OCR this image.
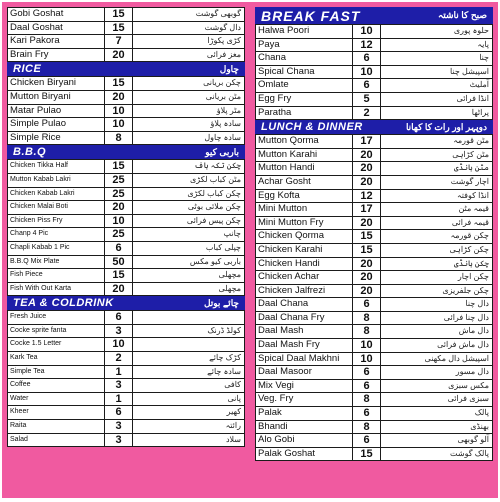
Gobi Goshat	15	گوبھی گوشت
Daal Goshat	15	دال گوشت
Kari Pakora	7	کڑی پکوڑا
Brain Fry	20	مغز فرائی
RICE	چاول
Chicken Biryani	15	چکن بریانی
Mutton Biryani	20	مٹن بریانی
Matar Pulao	10	مٹر پلاؤ
Simple Pulao	10	سادہ پلاؤ
Simple Rice	8	سادہ چاول
B.B.Q	باربی کیو
Chicken Tikka Half	15	چکن تکہ ہاف
Mutton Kabab Lakri	25	مٹن کباب لکڑی
Chicken Kabab Lakri	25	چکن کباب لکڑی
Chicken Malai Boti	20	چکن ملائی بوٹی
Chicken Piss Fry	10	چکن پیس فرائی
Chanp 4 Pic	25	چانپ
Chapli Kabab 1 Pic	6	چپلی کباب
B.B.Q Mix Plate	50	باربی کیو مکس
Fish Piece	15	مچھلی
Fish With Out Karta	20	مچھلی
TEA & COLDRINK	چائے بوتل
Fresh Juice	6
Cocke sprite fanta	3	کولڈ ڈرنک
Cocke 1.5 Letter	10
Kark Tea	2	کڑک چائے
Simple Tea	1	سادہ چائے
Coffee	3	کافی
Water	1	پانی
Kheer	6	کھیر
Raita	3	رائتہ
Salad	3	سلاد
BREAK FAST	صبح کا ناشتہ
Halwa Poori	10	حلوہ پوری
Paya	12	پایہ
Chana	6	چنا
Spical Chana	10	اسپیشل چنا
Omlate	6	آملیٹ
Egg Fry	5	انڈا فرائی
Paratha	2	پراٹھا
LUNCH & DINNER	دوپہر اور رات کا کھانا
Mutton Qorma	17	مٹن قورمہ
Mutton Karahi	20	مٹن کڑاہی
Mutton Handi	20	مٹن ہانڈی
Achar Gosht	20	اچار گوشت
Egg Kofta	12	انڈا کوفتہ
Mini Mutton	17	قیمہ مٹن
Mini Mutton Fry	20	قیمہ فرائی
Chicken Qorma	15	چکن قورمہ
Chicken Karahi	15	چکن کڑاہی
Chicken Handi	20	چکن ہانڈی
Chicken Achar	20	چکن اچار
Chicken Jalfrezi	20	چکن جلفریزی
Daal Chana	6	دال چنا
Daal Chana Fry	8	دال چنا فرائی
Daal Mash	8	دال ماش
Daal Mash Fry	10	دال ماش فرائی
Spical Daal Makhni	10	اسپیشل دال مکھنی
Daal Masoor	6	دال مسور
Mix Vegi	6	مکس سبزی
Veg. Fry	8	سبزی فرائی
Palak	6	پالک
Bhandi	8	بھنڈی
Alo Gobi	6	آلو گوبھی
Palak Goshat	15	پالک گوشت
